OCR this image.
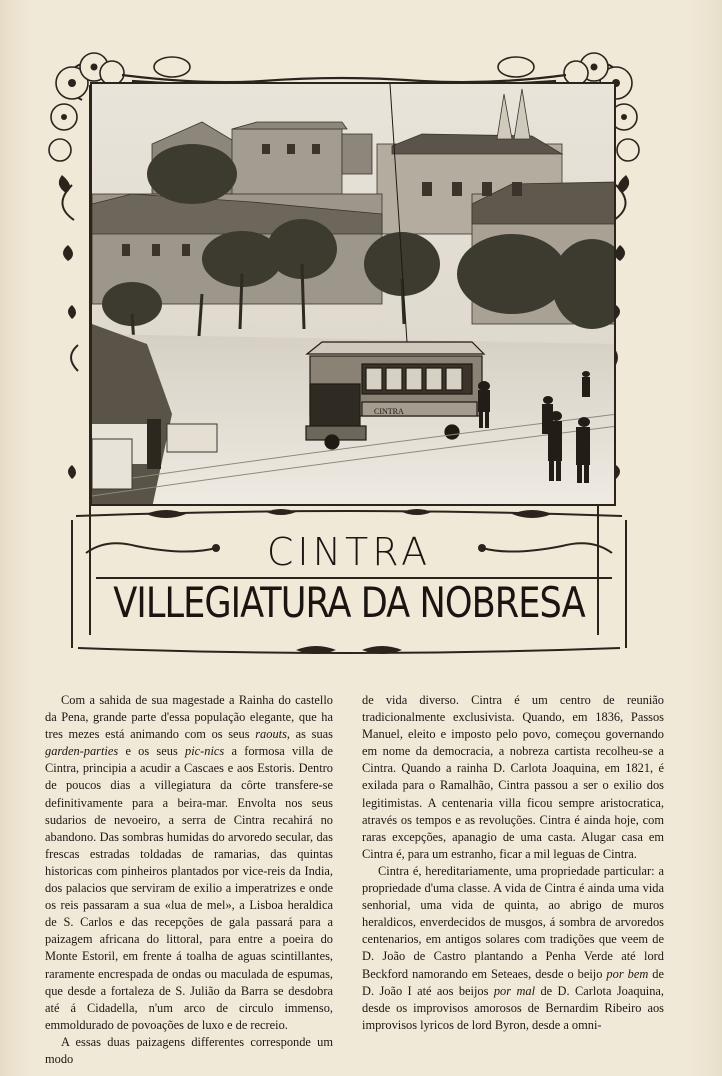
CINTRA
CINTRA
VILLEGIATURA DA NOBRESA

Com a sahida de sua magestade a Rainha do castello da Pena, grande parte d'essa população elegante, que ha tres mezes está animando com os seus raouts, as suas garden-parties e os seus pic-nics a formosa villa de Cintra, principia a acudir a Cascaes e aos Estoris. Dentro de poucos dias a villegiatura da côrte transfere-se definitivamente para a beira-mar. Envolta nos seus sudarios de nevoeiro, a serra de Cintra recahirá no abandono. Das sombras humidas do arvoredo secular, das frescas estradas toldadas de ramarias, das quintas historicas com pinheiros plantados por vice-reis da India, dos palacios que serviram de exilio a imperatrizes e onde os reis passaram a sua «lua de mel», a Lisboa heraldica de S. Carlos e das recepções de gala passará para a paizagem africana do littoral, para entre a poeira do Monte Estoril, em frente á toalha de aguas scintillantes, raramente encrespada de ondas ou maculada de espumas, que desde a fortaleza de S. Julião da Barra se desdobra até á Cidadella, n'um arco de circulo immenso, emmoldurado de povoações de luxo e de recreio.

A essas duas paizagens differentes corresponde um modo

de vida diverso. Cintra é um centro de reunião tradicionalmente exclusivista. Quando, em 1836, Passos Manuel, eleito e imposto pelo povo, começou governando em nome da democracia, a nobreza cartista recolheu-se a Cintra. Quando a rainha D. Carlota Joaquina, em 1821, é exilada para o Ramalhão, Cintra passou a ser o exilio dos legitimistas. A centenaria villa ficou sempre aristocratica, através os tempos e as revoluções. Cintra é ainda hoje, com raras excepções, apanagio de uma casta. Alugar casa em Cintra é, para um estranho, ficar a mil leguas de Cintra.

Cintra é, hereditariamente, uma propriedade particular: a propriedade d'uma classe. A vida de Cintra é ainda uma vida senhorial, uma vida de quinta, ao abrigo de muros heraldicos, enverdecidos de musgos, á sombra de arvoredos centenarios, em antigos solares com tradições que veem de D. João de Castro plantando a Penha Verde até lord Beckford namorando em Seteaes, desde o beijo por bem de D. João I até aos beijos por mal de D. Carlota Joaquina, desde os improvisos amorosos de Bernardim Ribeiro aos improvisos lyricos de lord Byron, desde a omni-
